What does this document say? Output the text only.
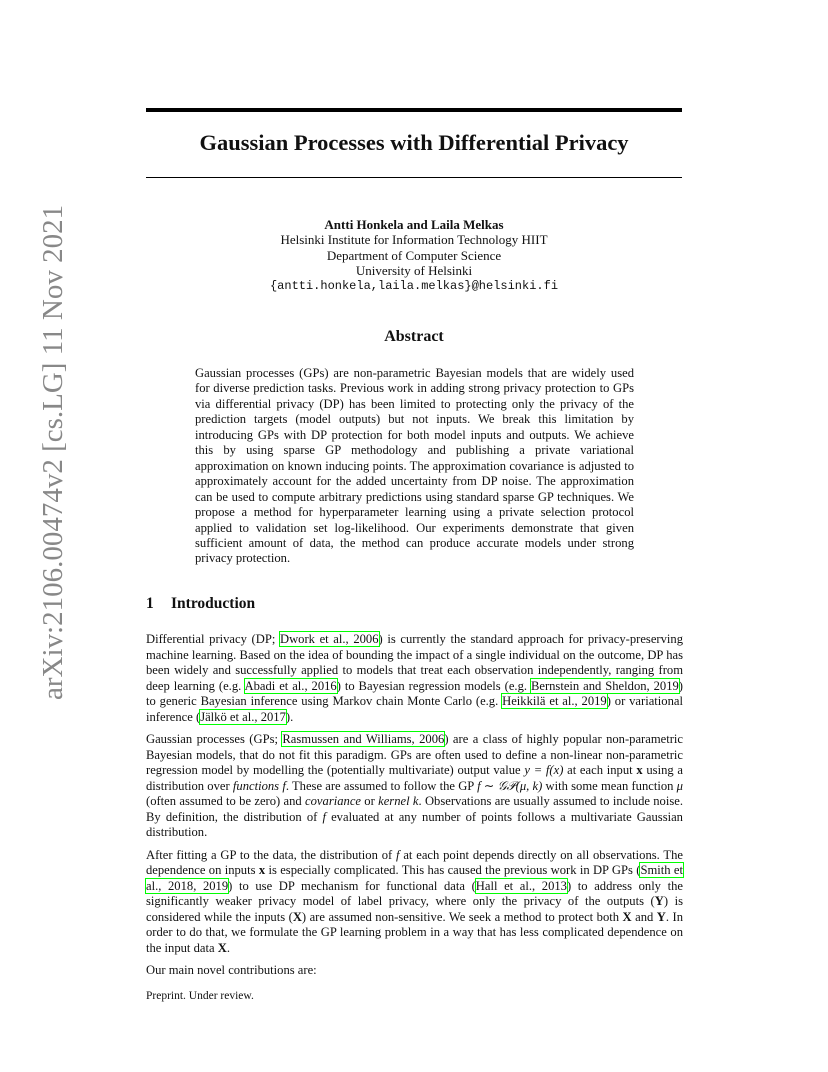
arXiv:2106.00474v2 [cs.LG] 11 Nov 2021
Gaussian Processes with Differential Privacy
Antti Honkela and Laila Melkas
Helsinki Institute for Information Technology HIIT
Department of Computer Science
University of Helsinki
{antti.honkela,laila.melkas}@helsinki.fi
Abstract

Gaussian processes (GPs) are non-parametric Bayesian models that are widely used for diverse prediction tasks. Previous work in adding strong privacy protection to GPs via differential privacy (DP) has been limited to protecting only the privacy of the prediction targets (model outputs) but not inputs. We break this limitation by introducing GPs with DP protection for both model inputs and outputs. We achieve this by using sparse GP methodology and publishing a private variational approximation on known inducing points. The approximation covariance is adjusted to approximately account for the added uncertainty from DP noise. The approximation can be used to compute arbitrary predictions using standard sparse GP techniques. We propose a method for hyperparameter learning using a private selection protocol applied to validation set log-likelihood. Our experiments demonstrate that given sufficient amount of data, the method can produce accurate models under strong privacy protection.

1 Introduction

Differential privacy (DP; Dwork et al., 2006) is currently the standard approach for privacy-preserving machine learning. Based on the idea of bounding the impact of a single individual on the outcome, DP has been widely and successfully applied to models that treat each observation independently, ranging from deep learning (e.g. Abadi et al., 2016) to Bayesian regression models (e.g. Bernstein and Sheldon, 2019) to generic Bayesian inference using Markov chain Monte Carlo (e.g. Heikkilä et al., 2019) or variational inference (Jälkö et al., 2017).

Gaussian processes (GPs; Rasmussen and Williams, 2006) are a class of highly popular non-parametric Bayesian models, that do not fit this paradigm. GPs are often used to define a non-linear non-parametric regression model by modelling the (potentially multivariate) output value y = f(x) at each input x using a distribution over functions f. These are assumed to follow the GP f ∼ 𝒢𝒫(μ, k) with some mean function μ (often assumed to be zero) and covariance or kernel k. Observations are usually assumed to include noise. By definition, the distribution of f evaluated at any number of points follows a multivariate Gaussian distribution.

After fitting a GP to the data, the distribution of f at each point depends directly on all observations. The dependence on inputs x is especially complicated. This has caused the previous work in DP GPs (Smith et al., 2018, 2019) to use DP mechanism for functional data (Hall et al., 2013) to address only the significantly weaker privacy model of label privacy, where only the privacy of the outputs (Y) is considered while the inputs (X) are assumed non-sensitive. We seek a method to protect both X and Y. In order to do that, we formulate the GP learning problem in a way that has less complicated dependence on the input data X.

Our main novel contributions are:

Preprint. Under review.
